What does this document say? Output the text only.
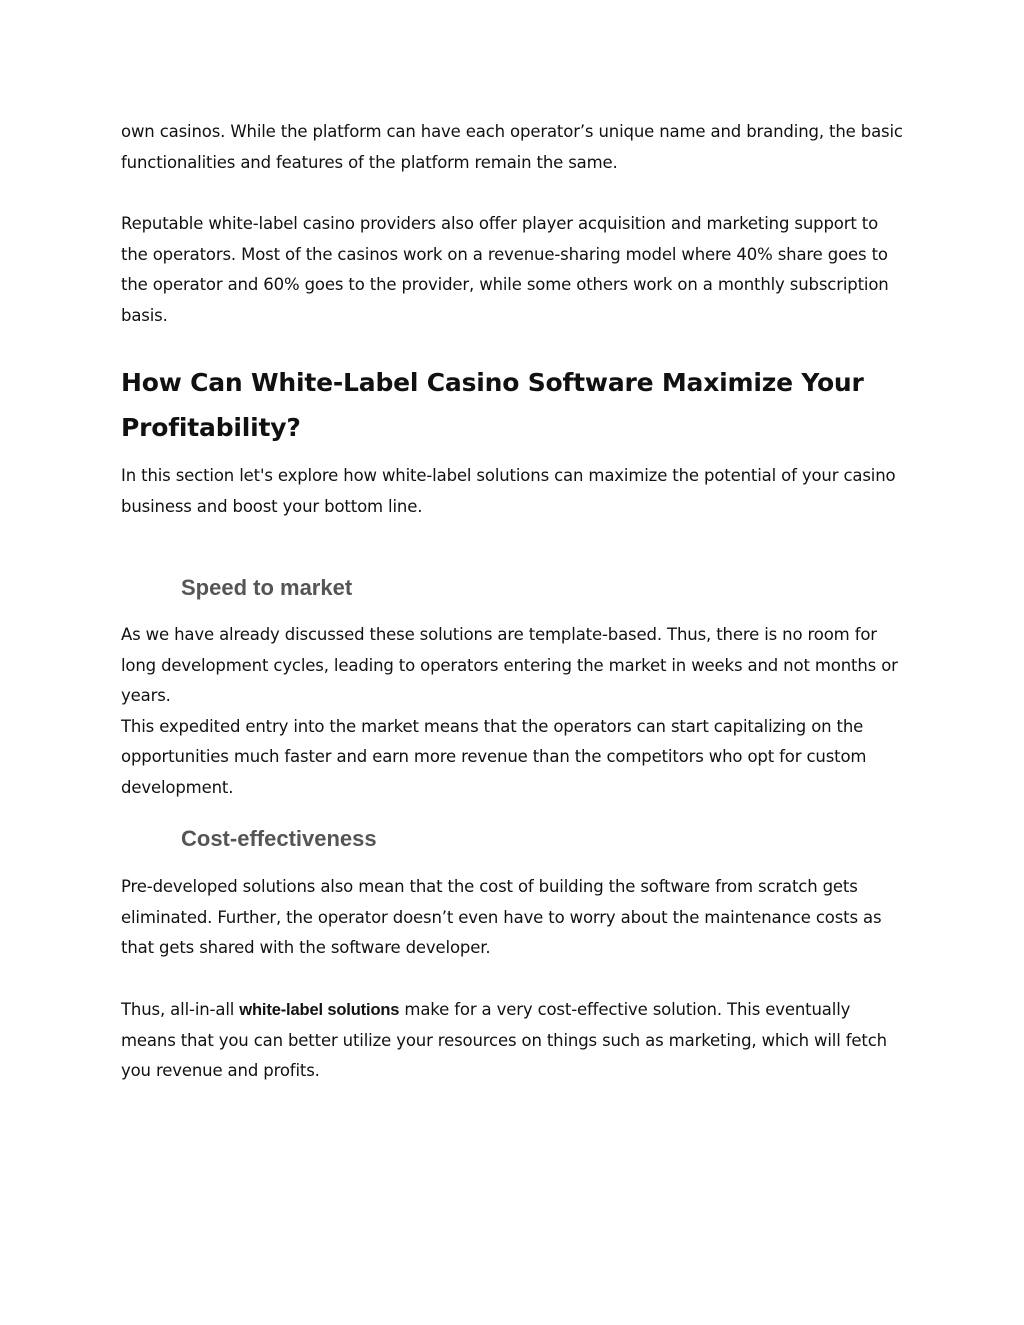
own casinos. While the platform can have each operator’s unique name and branding, the basic
functionalities and features of the platform remain the same.
Reputable white-label casino providers also offer player acquisition and marketing support to
the operators. Most of the casinos work on a revenue-sharing model where 40% share goes to
the operator and 60% goes to the provider, while some others work on a monthly subscription
basis.
How Can White-Label Casino Software Maximize Your
Profitability?
In this section let's explore how white-label solutions can maximize the potential of your casino
business and boost your bottom line.
Speed to market
As we have already discussed these solutions are template-based. Thus, there is no room for
long development cycles, leading to operators entering the market in weeks and not months or
years.
This expedited entry into the market means that the operators can start capitalizing on the
opportunities much faster and earn more revenue than the competitors who opt for custom
development.
Cost-effectiveness
Pre-developed solutions also mean that the cost of building the software from scratch gets
eliminated. Further, the operator doesn’t even have to worry about the maintenance costs as
that gets shared with the software developer.
Thus, all-in-all white-label solutions make for a very cost-effective solution. This eventually
means that you can better utilize your resources on things such as marketing, which will fetch
you revenue and profits.
